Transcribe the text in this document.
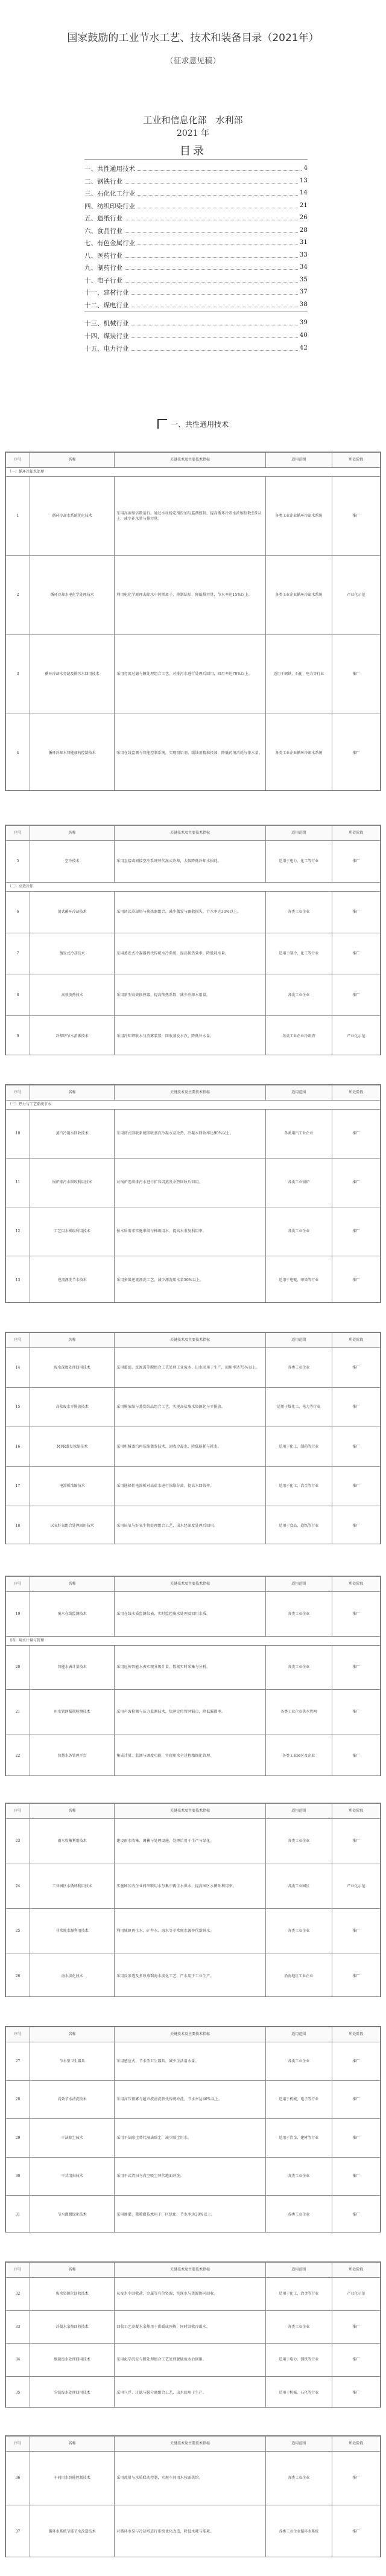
国家鼓励的工业节水工艺、技术和装备目录（2021年）
（征求意见稿）
工业和信息化部　水利部
2021 年
目录
一、共性通用技术	4
二、钢铁行业	13
三、石化化工行业	14
四、纺织印染行业	21
五、造纸行业	26
六、食品行业	28
七、有色金属行业	31
八、医药行业	33
九、制药行业	34
十、电子行业	35
十一、建材行业	37
十二、煤电行业	38
十三、机械行业	39
十四、煤炭行业	40
十五、电力行业	42
一、共性通用技术
序号	名称	关键技术及主要技术指标	适用范围	所处阶段
（一）循环冷却水处理				
1	循环冷却水系统优化技术	采用高浓缩倍数运行，通过水质稳定剂投加与监测控制，提高循环冷却水浓缩倍数至5以上，减少补水量与排污量。	各类工业企业循环冷却水系统	推广
2	循环冷却水电化学处理技术	利用电化学原理去除水中钙镁离子，抑制结垢，降低排污量，节水率达15%以上。	各类工业企业循环冷却水系统	产业化示范
3	循环冷却水旁滤及排污水回用技术	采用旁流过滤与膜处理组合工艺，对排污水进行处理后回用，回用率达70%以上。	适用于钢铁、石化、电力等行业	推广
4	循环冷却水智能加药控制技术	采用在线监测与智能控制系统，实现阻垢剂、缓蚀剂精准投加，降低药剂消耗与排水量。	各类工业企业循环冷却水系统	推广
序号	名称	关键技术及主要技术指标	适用范围	所处阶段
5	空冷技术	采用直接或间接空冷系统替代湿式冷却，大幅降低冷却水损耗。	适用于电力、化工等行业	推广
（二）高效冷却				
6	闭式循环冷却技术	采用闭式冷却塔与换热器组合，减少蒸发与飘散损失，节水率达30%以上。	各类工业企业	推广
7	蒸发式冷却技术	采用蒸发式冷凝器替代传统水冷系统，提高换热效率，降低耗水量。	适用于制冷、化工等行业	推广
8	高效换热技术	采用新型高效换热器，提高传热系数，减少冷却水用量。	各类工业企业	推广
9	冷却塔节水消雾技术	采用冷却塔收水与消雾装置，回收蒸发水汽，降低补水量。	各类工业企业冷却塔	产业化示范
序号	名称	关键技术及主要技术指标	适用范围	所处阶段
（三）热力与工艺系统节水				
10	蒸汽冷凝水回收技术	采用闭式回收系统回收蒸汽冷凝水及余热，冷凝水回收率达90%以上。	各类用汽工业企业	推广
11	锅炉排污水回收利用技术	对锅炉连续排污水进行扩容闪蒸及余热回收后回用。	各类工业锅炉	推广
12	工艺用水梯级利用技术	按水质需求实施串级与梯级用水，提高水重复利用率。	各类工业企业	推广
13	逆流漂洗节水技术	采用多级逆流漂洗工艺，减少漂洗用水量50%以上。	适用于电镀、印染等行业	推广
序号	名称	关键技术及主要技术指标	适用范围	所处阶段
14	废水深度处理回用技术	采用超滤、反渗透等膜组合工艺处理工业废水，出水回用于生产，回用率达75%以上。	各类工业企业	推广
15	高盐废水零排放技术	采用膜浓缩与蒸发结晶组合工艺，实现高盐废水资源化与零排放。	适用于煤化工、电力等行业	推广
16	MVR蒸发浓缩技术	采用机械蒸汽再压缩蒸发技术，回收冷凝水，降低能耗与耗水。	适用于化工、制药等行业	推广
17	电渗析浓缩技术	采用选择性电渗析对高盐水进行浓缩分离，提高水回收率。	适用于化工、冶金等行业	推广
18	厌氧好氧组合处理回用技术	采用厌氧与好氧生物处理组合工艺，出水经深度处理后回用。	适用于食品、造纸等行业	推广
序号	名称	关键技术及主要技术指标	适用范围	所处阶段
19	废水在线监测技术	采用在线水质监测仪表，实时监控废水处理及回用水质。	各类工业企业	推广
（四）用水计量与管理				
20	智能水表计量技术	采用远传智能水表实现分级计量，数据实时采集与分析。	各类工业企业	推广
21	用水管网漏损检测技术	采用声波检测与压力监测技术，快速定位管网漏点，降低漏损率。	各类工业企业供水管网	推广
22	智慧水务管理平台	集成计量、监测与调度功能，实现用水全过程精细化管理。	各类工业园区及企业	推广
序号	名称	关键技术及主要技术指标	适用范围	所处阶段
23	雨水收集利用技术	建设雨水收集、调蓄与处理设施，处理后用于生产与绿化。	各类工业企业	推广
24	工业园区水循环利用技术	实施园区内企业间串联用水与集中再生水供水，提高园区水循环利用率。	各类工业园区	产业化示范
25	非常规水源利用技术	利用城镇再生水、矿井水、海水等非常规水源替代新鲜水。	各类工业企业	推广
26	海水淡化技术	采用反渗透及多效蒸馏海水淡化工艺，产水用于工业生产。	沿海地区工业企业	推广
序号	名称	关键技术及主要技术指标	适用范围	所处阶段
27	节水型卫生器具	采用感应式、节水型卫生器具，减少生活用水量。	各类工业企业	推广
28	高效节水清洗技术	采用高压微雾与超声波清洗替代传统冲洗，节水率达40%以上。	适用于机械、电子等行业	推广
29	干法除尘技术	采用干法除尘替代湿法除尘，减少除尘用水。	适用于冶金、建材等行业	推广
30	干式清扫技术	采用干式清扫与真空吸尘替代地面冲洗。	各类工业企业	推广
31	节水灌溉绿化技术	采用滴灌、微喷灌技术用于厂区绿化，节水率达30%以上。	各类工业企业	推广
序号	名称	关键技术及主要技术指标	适用范围	所处阶段
32	废水资源化回收技术	从废水中回收盐、金属等有价资源，实现水与资源协同回收。	适用于化工、冶金等行业	产业化示范
33	冷凝水余热回收技术	回收工艺冷凝水余热用于供暖或预热，同时回收冷凝水。	各类工业企业	推广
34	脱硫废水处理回用技术	采用化学沉淀与膜处理组合工艺处理脱硫废水后回用。	适用于电力、钢铁等行业	推广
35	含油废水处理回用技术	采用气浮、过滤与膜分离组合工艺，出水回用于生产。	适用于机械、石化等行业	推广
序号	名称	关键技术及主要技术指标	适用范围	所处阶段
36	车间用水智能控制技术	采用流量与水质联动控制，实现车间用水按需供给。	各类工业企业	推广
37	循环水系统节能节水改造技术	对循环水泵与冷却塔进行系统优化改造，降低水耗与能耗。	各类工业企业循环水系统	推广
